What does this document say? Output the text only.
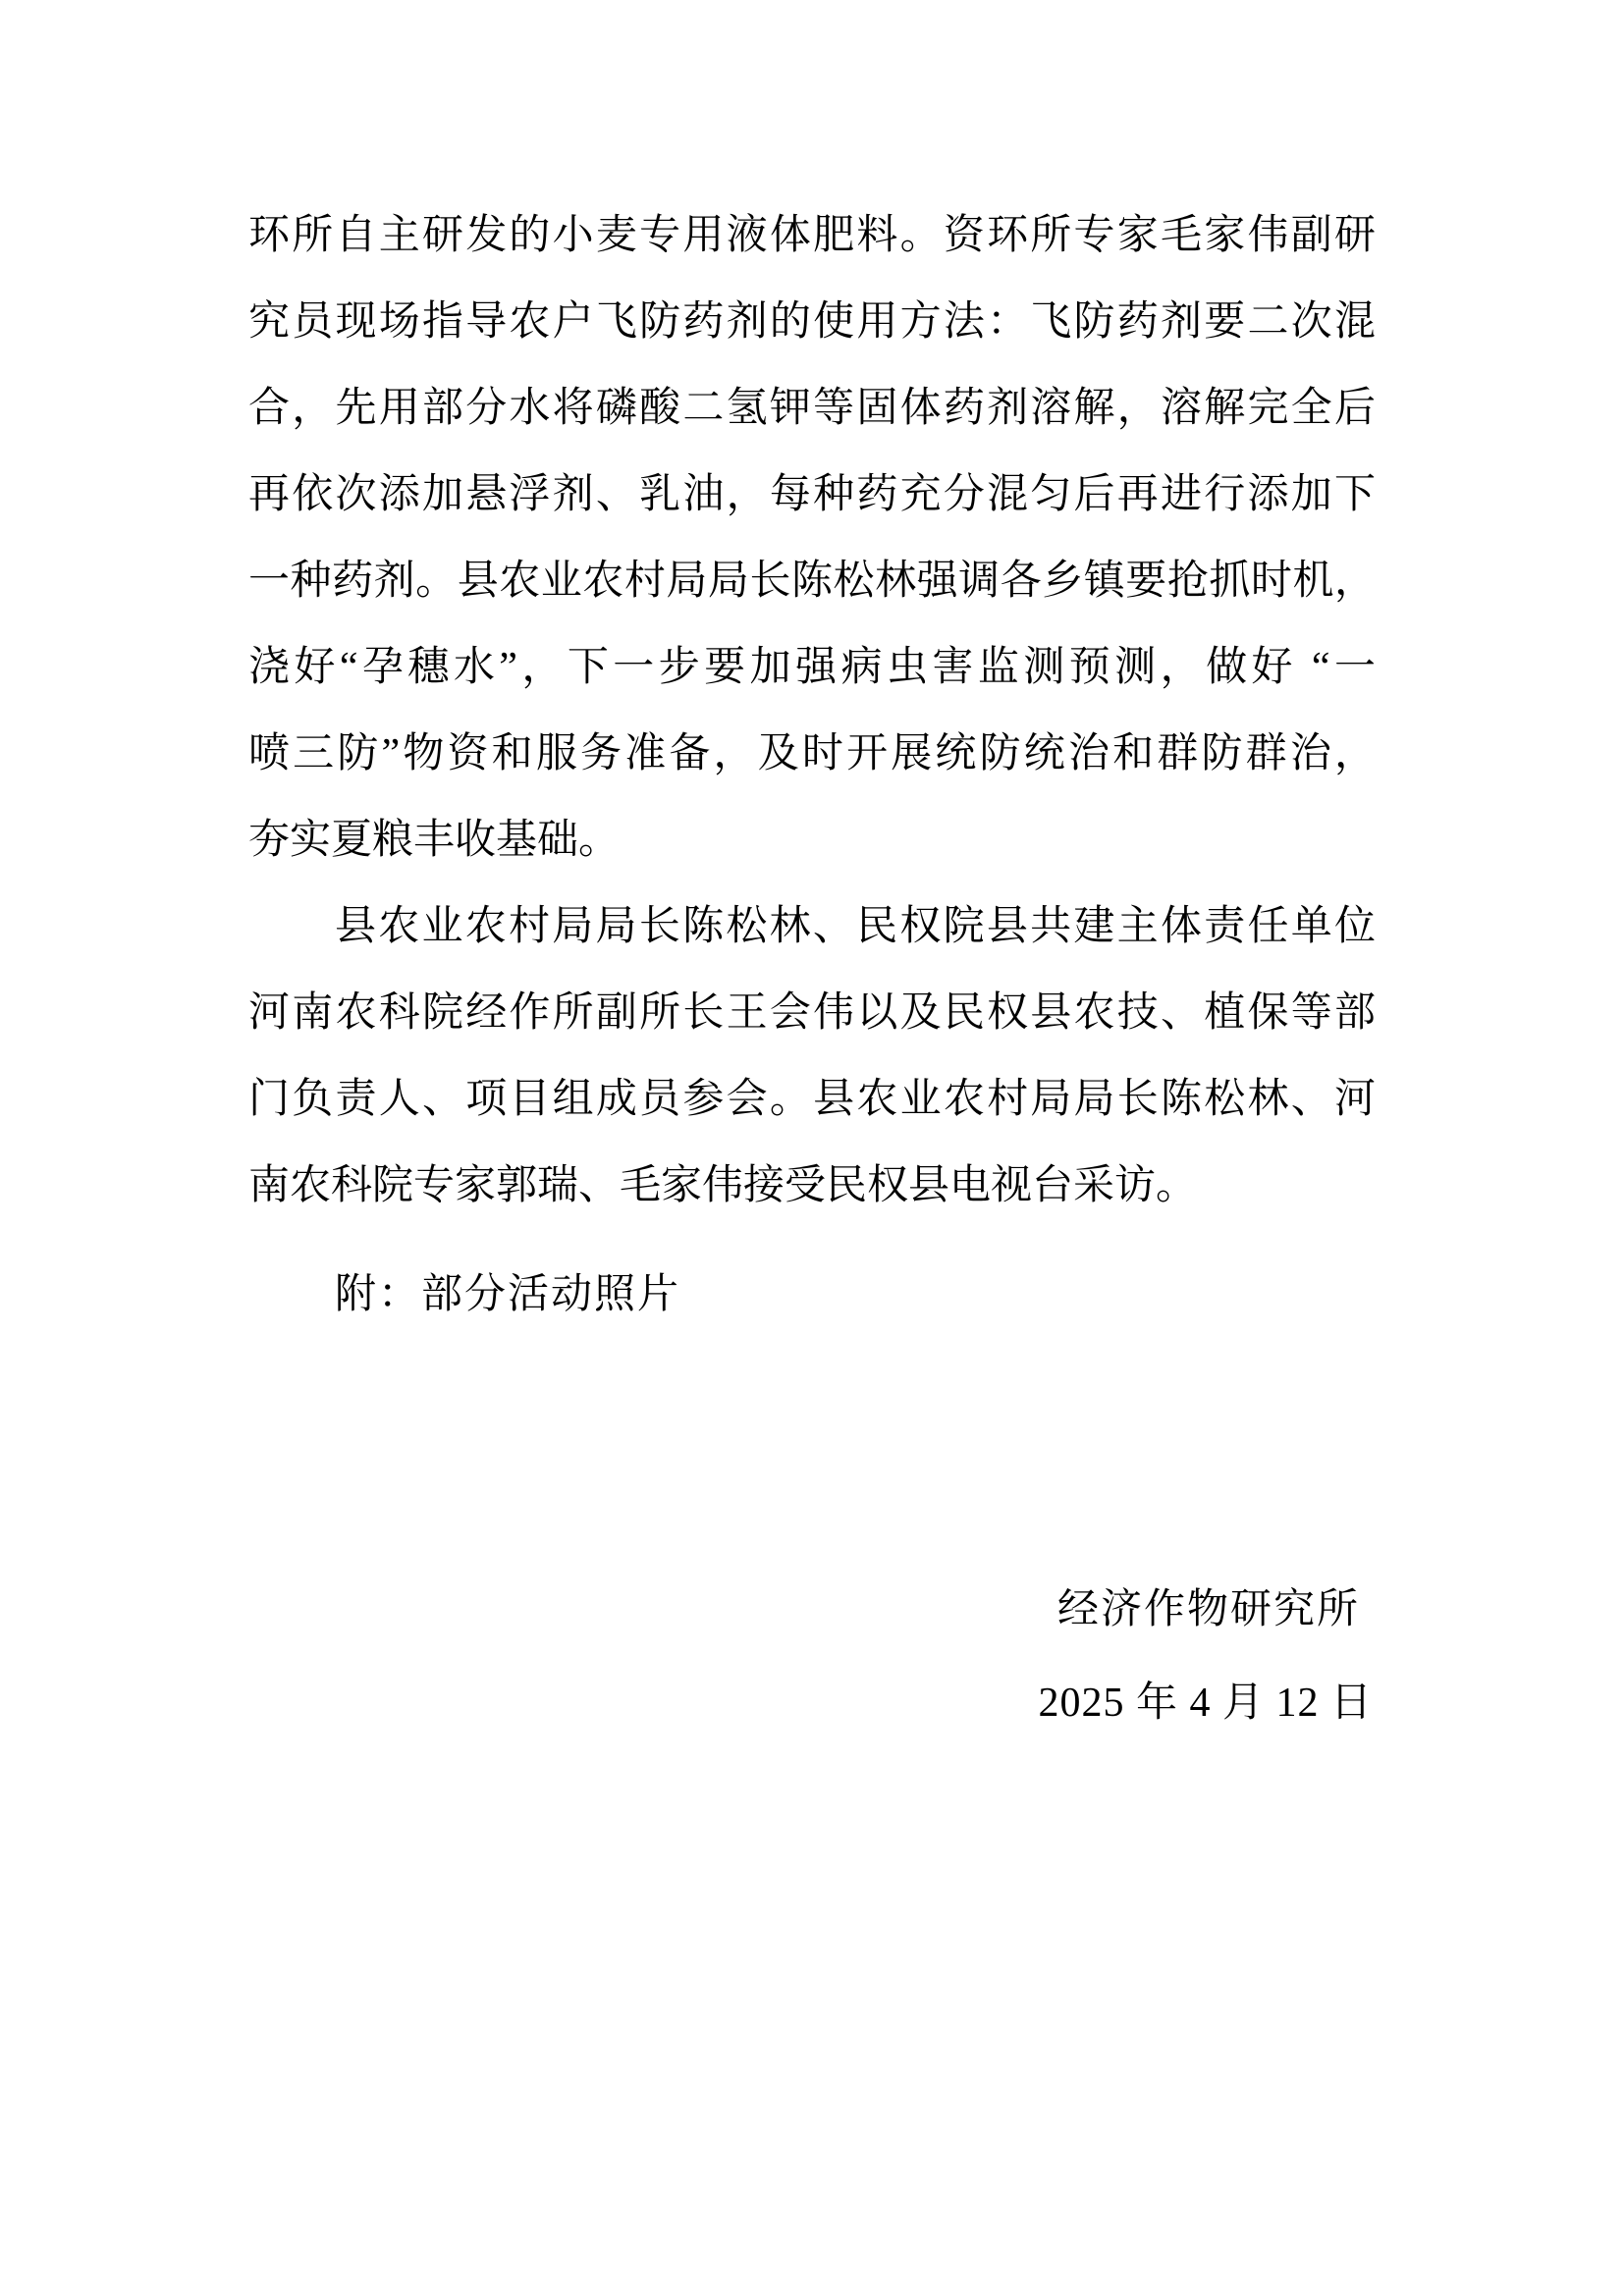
环所自主研发的小麦专用液体肥料。资环所专家毛家伟副研
究员现场指导农户飞防药剂的使用方法：飞防药剂要二次混
合，先用部分水将磷酸二氢钾等固体药剂溶解，溶解完全后
再依次添加悬浮剂、乳油，每种药充分混匀后再进行添加下
一种药剂。县农业农村局局长陈松林强调各乡镇要抢抓时机，
浇好“孕穗水”，下一步要加强病虫害监测预测，做好 “一
喷三防”物资和服务准备，及时开展统防统治和群防群治，
夯实夏粮丰收基础。
县农业农村局局长陈松林、民权院县共建主体责任单位
河南农科院经作所副所长王会伟以及民权县农技、植保等部
门负责人、项目组成员参会。县农业农村局局长陈松林、河
南农科院专家郭瑞、毛家伟接受民权县电视台采访。
附：部分活动照片
经济作物研究所
2025 年 4 月 12 日
